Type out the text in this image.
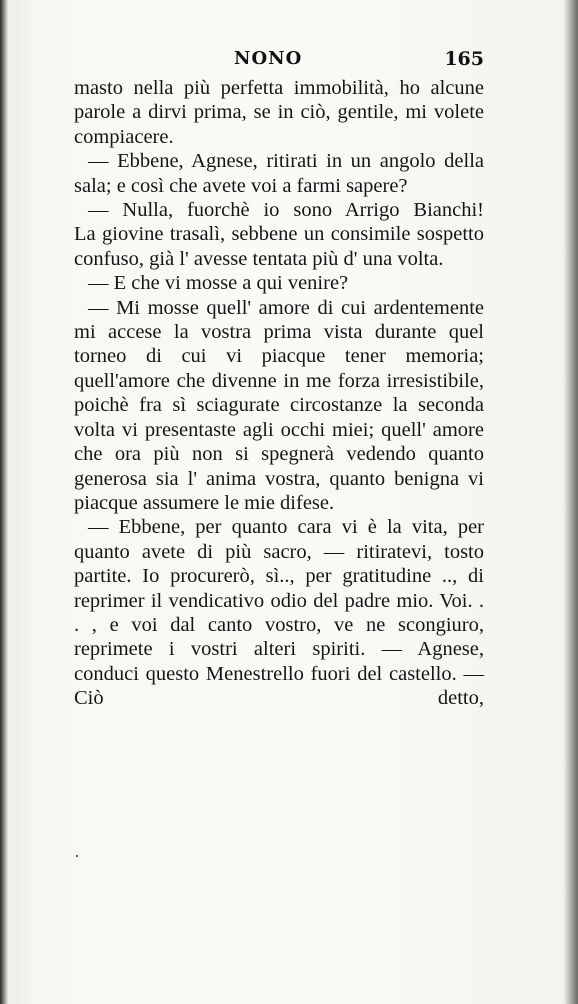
NONO	165

masto nella più perfetta immobilità, ho alcune parole a dirvi prima, se in ciò, gentile, mi volete compiacere.

— Ebbene, Agnese, ritirati in un angolo della sala; e così che avete voi a farmi sapere?

— Nulla, fuorchè io sono Arrigo Bianchi!

La giovine trasalì, sebbene un consimile sospetto confuso, già l' avesse tentata più d' una volta.

— E che vi mosse a qui venire?

— Mi mosse quell' amore di cui ardentemente mi accese la vostra prima vista durante quel torneo di cui vi piacque tener memoria; quell'amore che divenne in me forza irresistibile, poichè fra sì sciagurate circostanze la seconda volta vi presentaste agli occhi miei; quell' amore che ora più non si spegnerà vedendo quanto generosa sia l' anima vostra, quanto benigna vi piacque assumere le mie difese.

— Ebbene, per quanto cara vi è la vita, per quanto avete di più sacro, — ritiratevi, tosto partite. Io procurerò, sì.., per gratitudine .., di reprimer il vendicativo odio del padre mio. Voi. . . , e voi dal canto vostro, ve ne scongiuro, reprimete i vostri alteri spiriti. — Agnese, conduci questo Menestrello fuori del castello. — Ciò detto,
